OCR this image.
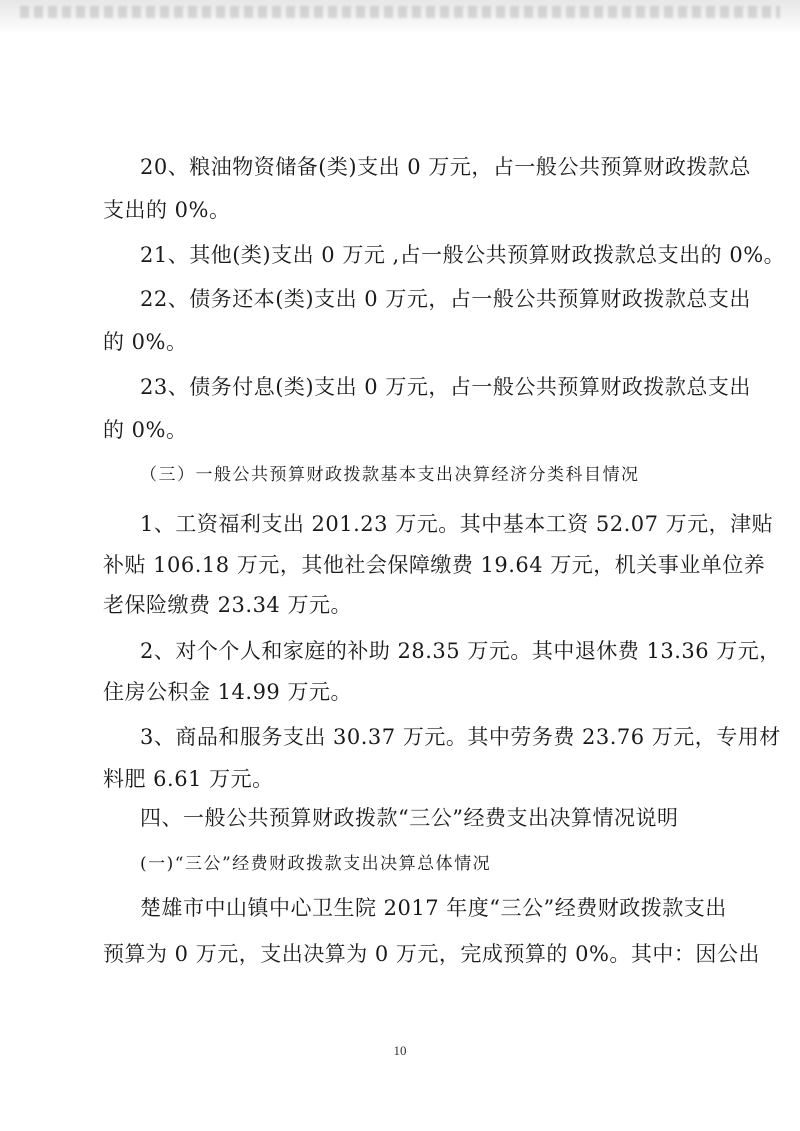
20、粮油物资储备(类)支出 0 万元，占一般公共预算财政拨款总
支出的 0%。
21、其他(类)支出 0 万元 ,占一般公共预算财政拨款总支出的 0%。
22、债务还本(类)支出 0 万元，占一般公共预算财政拨款总支出
的 0%。
23、债务付息(类)支出 0 万元，占一般公共预算财政拨款总支出
的 0%。
（三）一般公共预算财政拨款基本支出决算经济分类科目情况
1、工资福利支出 201.23 万元。其中基本工资 52.07 万元，津贴
补贴 106.18 万元，其他社会保障缴费 19.64 万元，机关事业单位养
老保险缴费 23.34 万元。
2、对个个人和家庭的补助 28.35 万元。其中退休费 13.36 万元，
住房公积金 14.99 万元。
3、商品和服务支出 30.37 万元。其中劳务费 23.76 万元，专用材
料肥 6.61 万元。
四、一般公共预算财政拨款“三公”经费支出决算情况说明
(一)“三公”经费财政拨款支出决算总体情况
楚雄市中山镇中心卫生院 2017 年度“三公”经费财政拨款支出
预算为 0 万元，支出决算为 0 万元，完成预算的 0%。其中：因公出
10
